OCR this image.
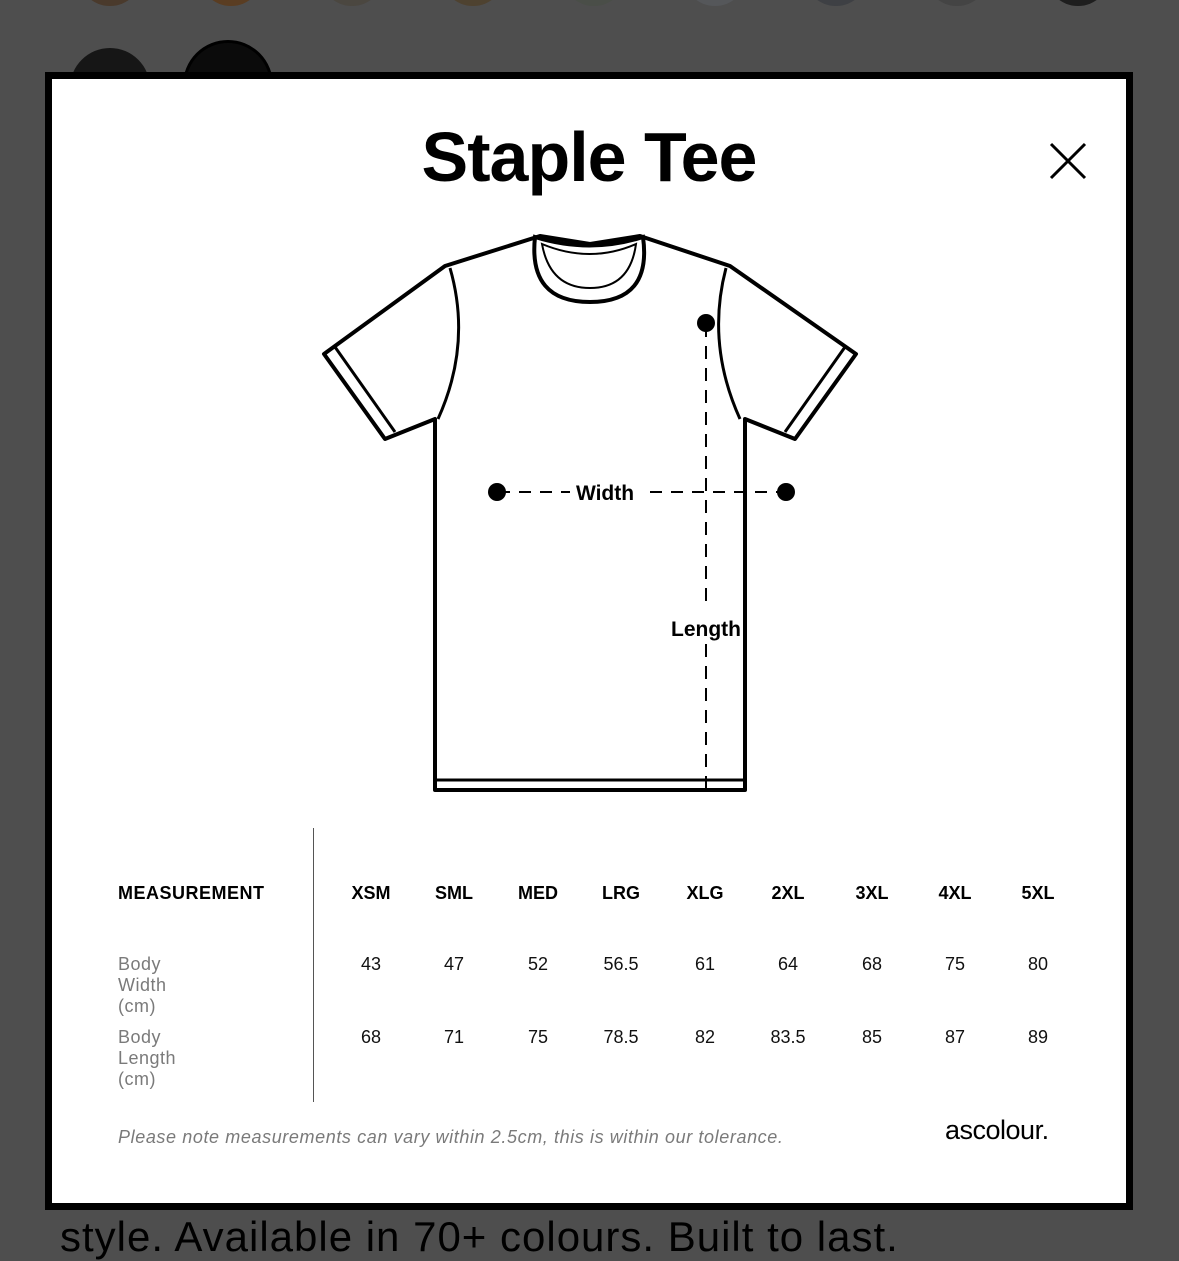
Staple Tee
Width
Length
MEASUREMENT	XSM	SML	MED	LRG	XLG	2XL	3XL	4XL	5XL
Body Width (cm)
43	47	52	56.5	61	64	68	75	80
Body Length (cm)
68	71	75	78.5	82	83.5	85	87	89
Please note measurements can vary within 2.5cm, this is within our tolerance.	ascolour.
style. Available in 70+ colours. Built to last.
